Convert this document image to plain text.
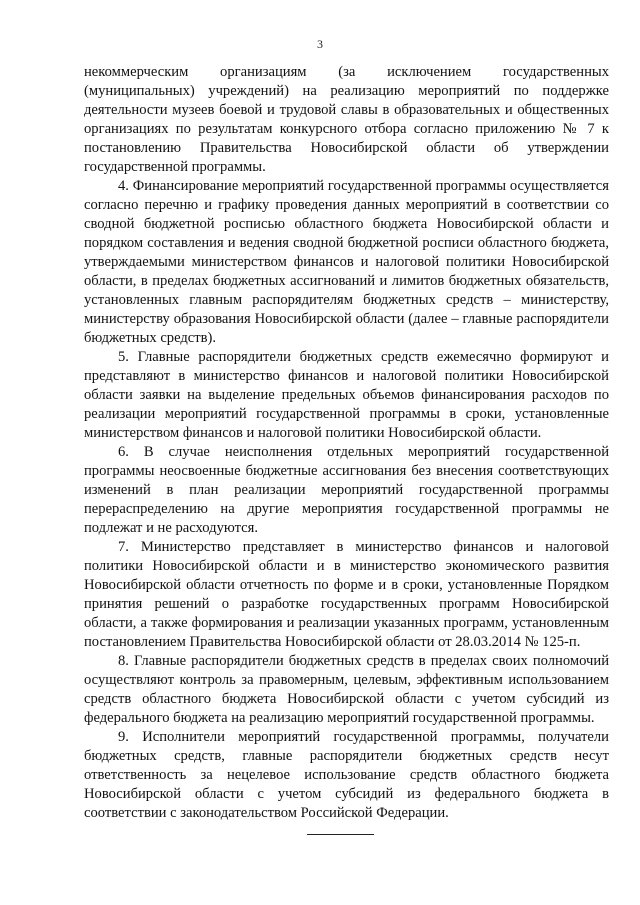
3

некоммерческим организациям (за исключением государственных (муниципальных) учреждений) на реализацию мероприятий по поддержке деятельности музеев боевой и трудовой славы в образовательных и общественных организациях по результатам конкурсного отбора согласно приложению № 7 к постановлению Правительства Новосибирской области об утверждении государственной программы.

4. Финансирование мероприятий государственной программы осуществляется согласно перечню и графику проведения данных мероприятий в соответствии со сводной бюджетной росписью областного бюджета Новосибирской области и порядком составления и ведения сводной бюджетной росписи областного бюджета, утверждаемыми министерством финансов и налоговой политики Новосибирской области, в пределах бюджетных ассигнований и лимитов бюджетных обязательств, установленных главным распорядителям бюджетных средств – министерству, министерству образования Новосибирской области (далее – главные распорядители бюджетных средств).

5. Главные распорядители бюджетных средств ежемесячно формируют и представляют в министерство финансов и налоговой политики Новосибирской области заявки на выделение предельных объемов финансирования расходов по реализации мероприятий государственной программы в сроки, установленные министерством финансов и налоговой политики Новосибирской области.

6. В случае неисполнения отдельных мероприятий государственной программы неосвоенные бюджетные ассигнования без внесения соответствующих изменений в план реализации мероприятий государственной программы перераспределению на другие мероприятия государственной программы не подлежат и не расходуются.

7. Министерство представляет в министерство финансов и налоговой политики Новосибирской области и в министерство экономического развития Новосибирской области отчетность по форме и в сроки, установленные Порядком принятия решений о разработке государственных программ Новосибирской области, а также формирования и реализации указанных программ, установленным постановлением Правительства Новосибирской области от 28.03.2014 № 125-п.

8. Главные распорядители бюджетных средств в пределах своих полномочий осуществляют контроль за правомерным, целевым, эффективным использованием средств областного бюджета Новосибирской области с учетом субсидий из федерального бюджета на реализацию мероприятий государственной программы.

9. Исполнители мероприятий государственной программы, получатели бюджетных средств, главные распорядители бюджетных средств несут ответственность за нецелевое использование средств областного бюджета Новосибирской области с учетом субсидий из федерального бюджета в соответствии с законодательством Российской Федерации.
